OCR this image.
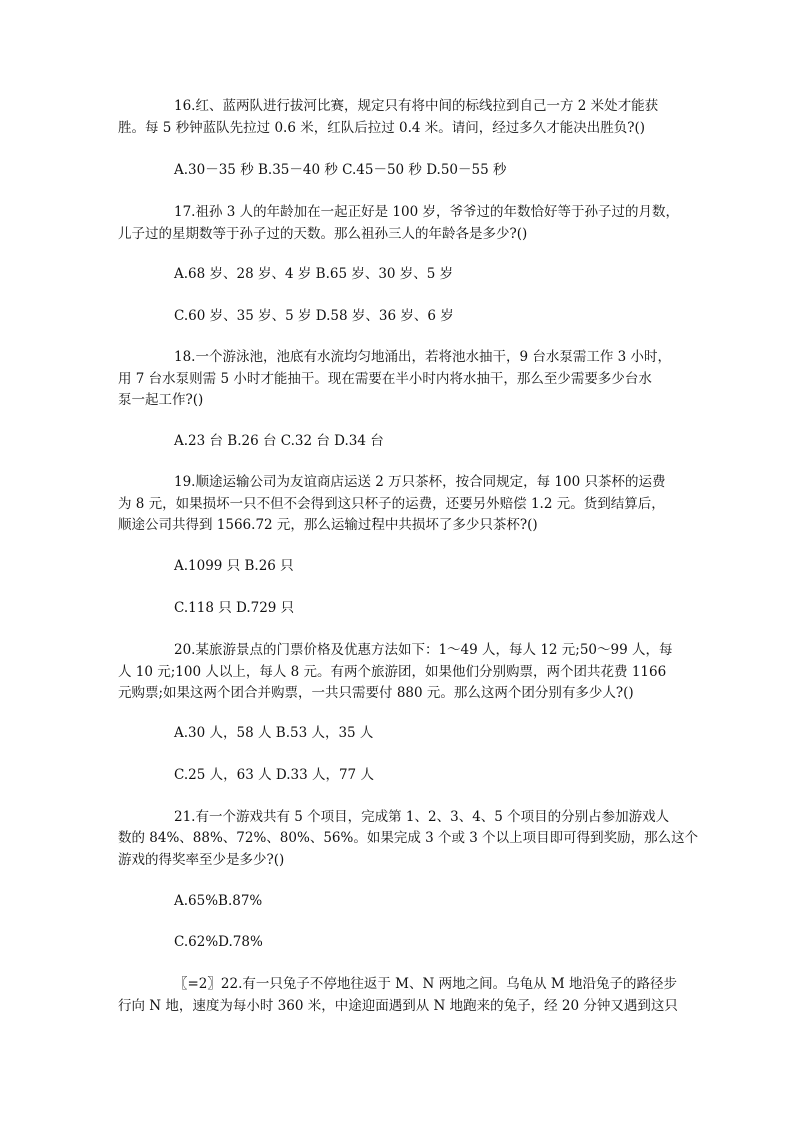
16.红、蓝两队进行拔河比赛，规定只有将中间的标线拉到自己一方 2 米处才能获
胜。每 5 秒钟蓝队先拉过 0.6 米，红队后拉过 0.4 米。请问，经过多久才能决出胜负?()
A.30－35 秒 B.35－40 秒 C.45－50 秒 D.50－55 秒
17.祖孙 3 人的年龄加在一起正好是 100 岁，爷爷过的年数恰好等于孙子过的月数，
儿子过的星期数等于孙子过的天数。那么祖孙三人的年龄各是多少?()
A.68 岁、28 岁、4 岁 B.65 岁、30 岁、5 岁
C.60 岁、35 岁、5 岁 D.58 岁、36 岁、6 岁
18.一个游泳池，池底有水流均匀地涌出，若将池水抽干，9 台水泵需工作 3 小时，
用 7 台水泵则需 5 小时才能抽干。现在需要在半小时内将水抽干，那么至少需要多少台水
泵一起工作?()
A.23 台 B.26 台 C.32 台 D.34 台
19.顺途运输公司为友谊商店运送 2 万只茶杯，按合同规定，每 100 只茶杯的运费
为 8 元，如果损坏一只不但不会得到这只杯子的运费，还要另外赔偿 1.2 元。货到结算后，
顺途公司共得到 1566.72 元，那么运输过程中共损坏了多少只茶杯?()
A.1099 只 B.26 只
C.118 只 D.729 只
20.某旅游景点的门票价格及优惠方法如下：1～49 人，每人 12 元;50～99 人，每
人 10 元;100 人以上，每人 8 元。有两个旅游团，如果他们分别购票，两个团共花费 1166
元购票;如果这两个团合并购票，一共只需要付 880 元。那么这两个团分别有多少人?()
A.30 人，58 人 B.53 人，35 人
C.25 人，63 人 D.33 人，77 人
21.有一个游戏共有 5 个项目，完成第 1、2、3、4、5 个项目的分别占参加游戏人
数的 84%、88%、72%、80%、56%。如果完成 3 个或 3 个以上项目即可得到奖励，那么这个
游戏的得奖率至少是多少?()
A.65%B.87%
C.62%D.78%
〖=2〗22.有一只兔子不停地往返于 M、N 两地之间。乌龟从 M 地沿兔子的路径步
行向 N 地，速度为每小时 360 米，中途迎面遇到从 N 地跑来的兔子，经 20 分钟又遇到这只
